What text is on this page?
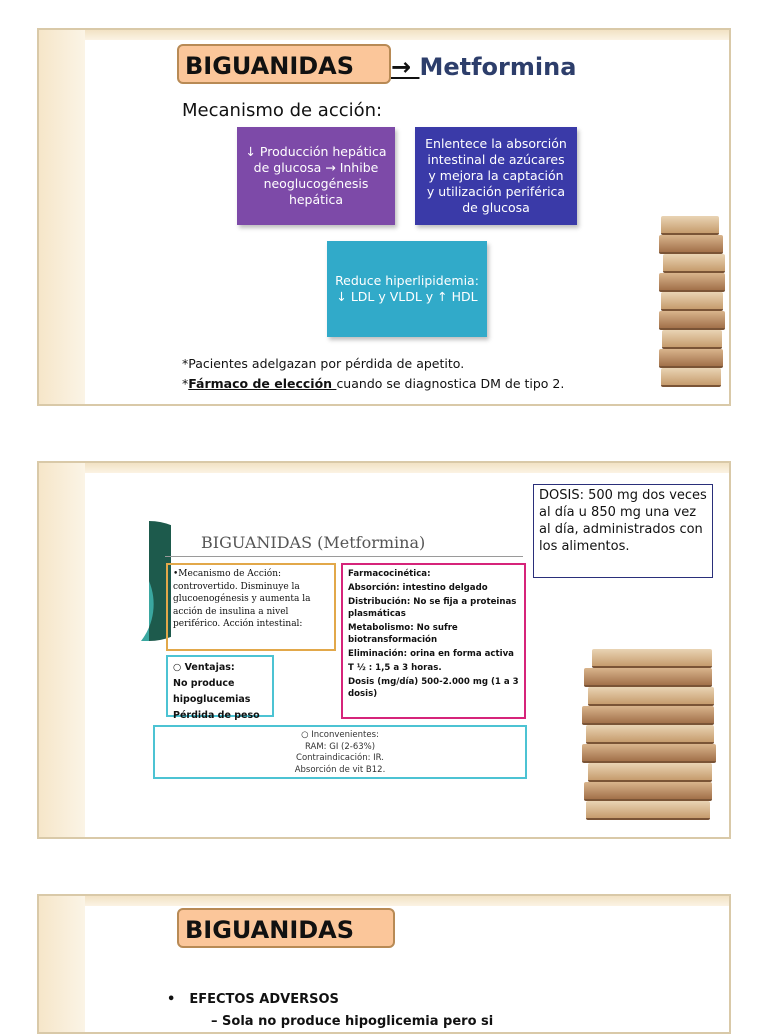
BIGUANIDAS	→ Metformina
Mecanismo de acción:
↓ Producción hepática de glucosa → Inhibe neoglucogénesis hepática
Enlentece la absorción intestinal de azúcares y mejora la captación y utilización periférica de glucosa
Reduce hiperlipidemia: ↓ LDL y VLDL y ↑ HDL
*Pacientes adelgazan por pérdida de apetito.
*Fármaco de elección cuando se diagnostica DM de tipo 2.
BIGUANIDAS (Metformina)
•Mecanismo de Acción: controvertido. Disminuye la glucoenogénesis y aumenta la acción de insulina a nivel periférico. Acción intestinal:
○ Ventajas:
No produce hipoglucemias
Pérdida de peso
Farmacocinética:
Absorción: intestino delgado
Distribución: No se fija a proteinas plasmáticas
Metabolismo: No sufre biotransformación
Eliminación: orina en forma activa
T ½ : 1,5 a 3 horas.
Dosis (mg/día) 500-2.000 mg (1 a 3 dosis)
○ Inconvenientes:
RAM: GI (2-63%)
Contraindicación: IR.
Absorción de vit B12.
DOSIS: 500 mg dos veces al día u 850 mg una vez al día, administrados con los alimentos.
BIGUANIDAS
• EFECTOS ADVERSOS
– Sola no produce hipoglicemia pero si
